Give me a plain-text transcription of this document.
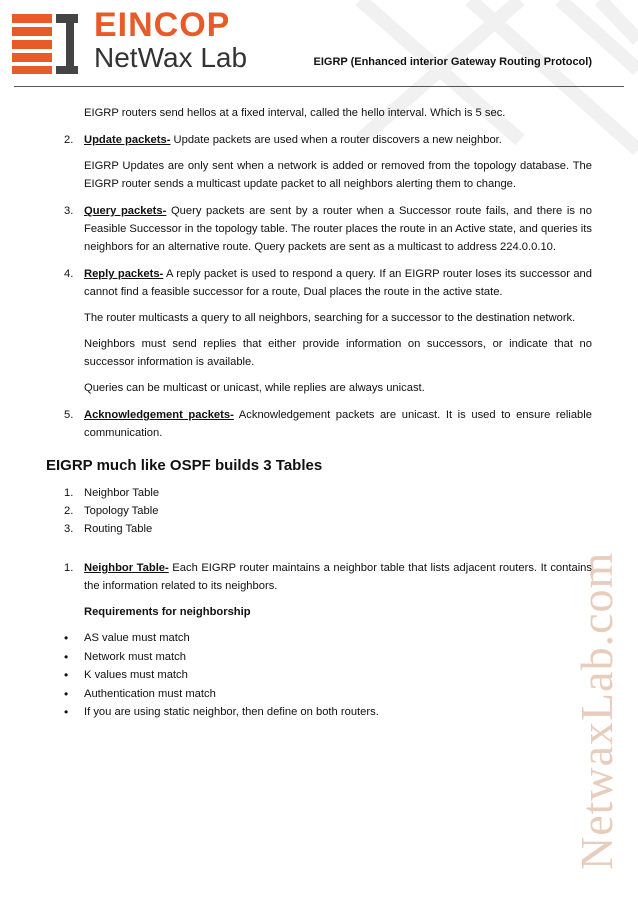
EINCOP
NetWax Lab	EIGRP (Enhanced interior Gateway Routing Protocol)
NetwaxLab.com

EIGRP routers send hellos at a fixed interval, called the hello interval. Which is 5 sec.

2. Update packets- Update packets are used when a router discovers a new neighbor.

EIGRP Updates are only sent when a network is added or removed from the topology database. The EIGRP router sends a multicast update packet to all neighbors alerting them to change.

3. Query packets- Query packets are sent by a router when a Successor route fails, and there is no Feasible Successor in the topology table. The router places the route in an Active state, and queries its neighbors for an alternative route. Query packets are sent as a multicast to address 224.0.0.10.
4. Reply packets- A reply packet is used to respond a query. If an EIGRP router loses its successor and cannot find a feasible successor for a route, Dual places the route in the active state.

The router multicasts a query to all neighbors, searching for a successor to the destination network.

Neighbors must send replies that either provide information on successors, or indicate that no successor information is available.

Queries can be multicast or unicast, while replies are always unicast.

5. Acknowledgement packets- Acknowledgement packets are unicast. It is used to ensure reliable communication.
EIGRP much like OSPF builds 3 Tables
1. Neighbor Table
2. Topology Table
3. Routing Table
1. Neighbor Table- Each EIGRP router maintains a neighbor table that lists adjacent routers. It contains the information related to its neighbors.
Requirements for neighborship
• AS value must match
• Network must match
• K values must match
• Authentication must match
• If you are using static neighbor, then define on both routers.
